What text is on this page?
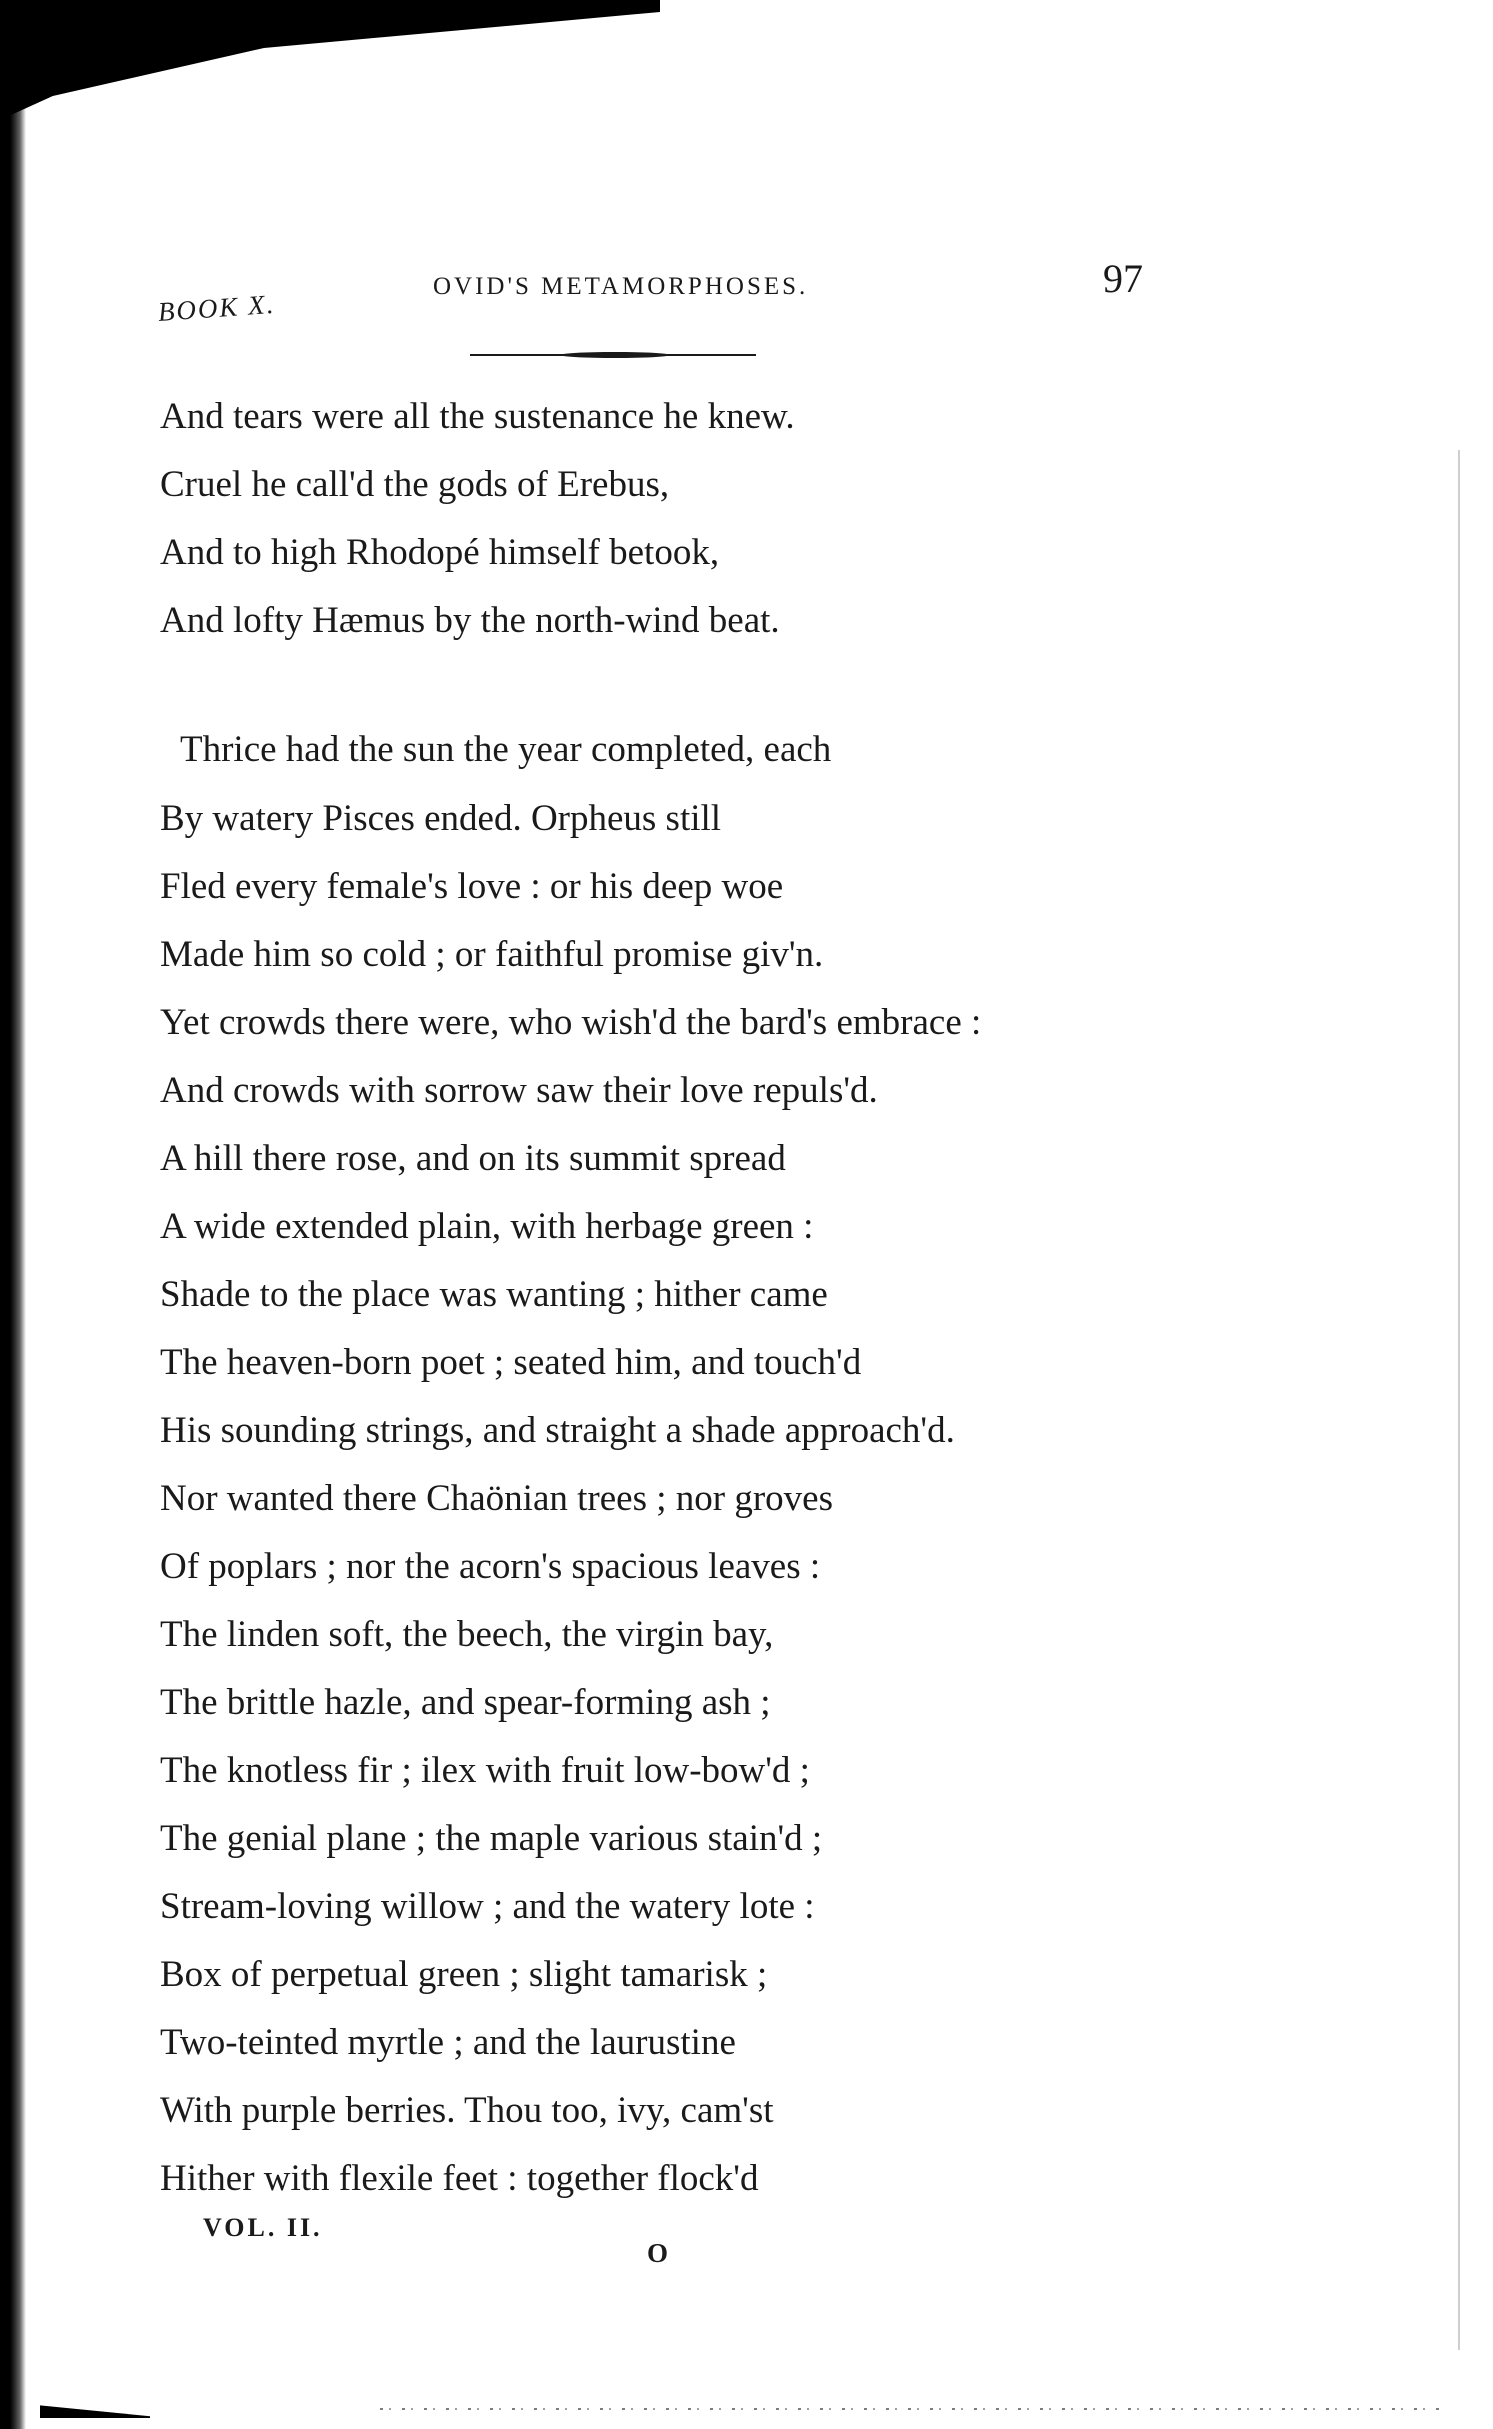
BOOK X.
OVID'S METAMORPHOSES.	97
And tears were all the sustenance he knew.
Cruel he call'd the gods of Erebus,
And to high Rhodopé himself betook,
And lofty Hæmus by the north-wind beat.
Thrice had the sun the year completed, each
By watery Pisces ended. Orpheus still
Fled every female's love : or his deep woe
Made him so cold ; or faithful promise giv'n.
Yet crowds there were, who wish'd the bard's embrace :
And crowds with sorrow saw their love repuls'd.
A hill there rose, and on its summit spread
A wide extended plain, with herbage green :
Shade to the place was wanting ; hither came
The heaven-born poet ; seated him, and touch'd
His sounding strings, and straight a shade approach'd.
Nor wanted there Chaönian trees ; nor groves
Of poplars ; nor the acorn's spacious leaves :
The linden soft, the beech, the virgin bay,
The brittle hazle, and spear-forming ash ;
The knotless fir ; ilex with fruit low-bow'd ;
The genial plane ; the maple various stain'd ;
Stream-loving willow ; and the watery lote :
Box of perpetual green ; slight tamarisk ;
Two-teinted myrtle ; and the laurustine
With purple berries. Thou too, ivy, cam'st
Hither with flexile feet : together flock'd
VOL. II.
O
